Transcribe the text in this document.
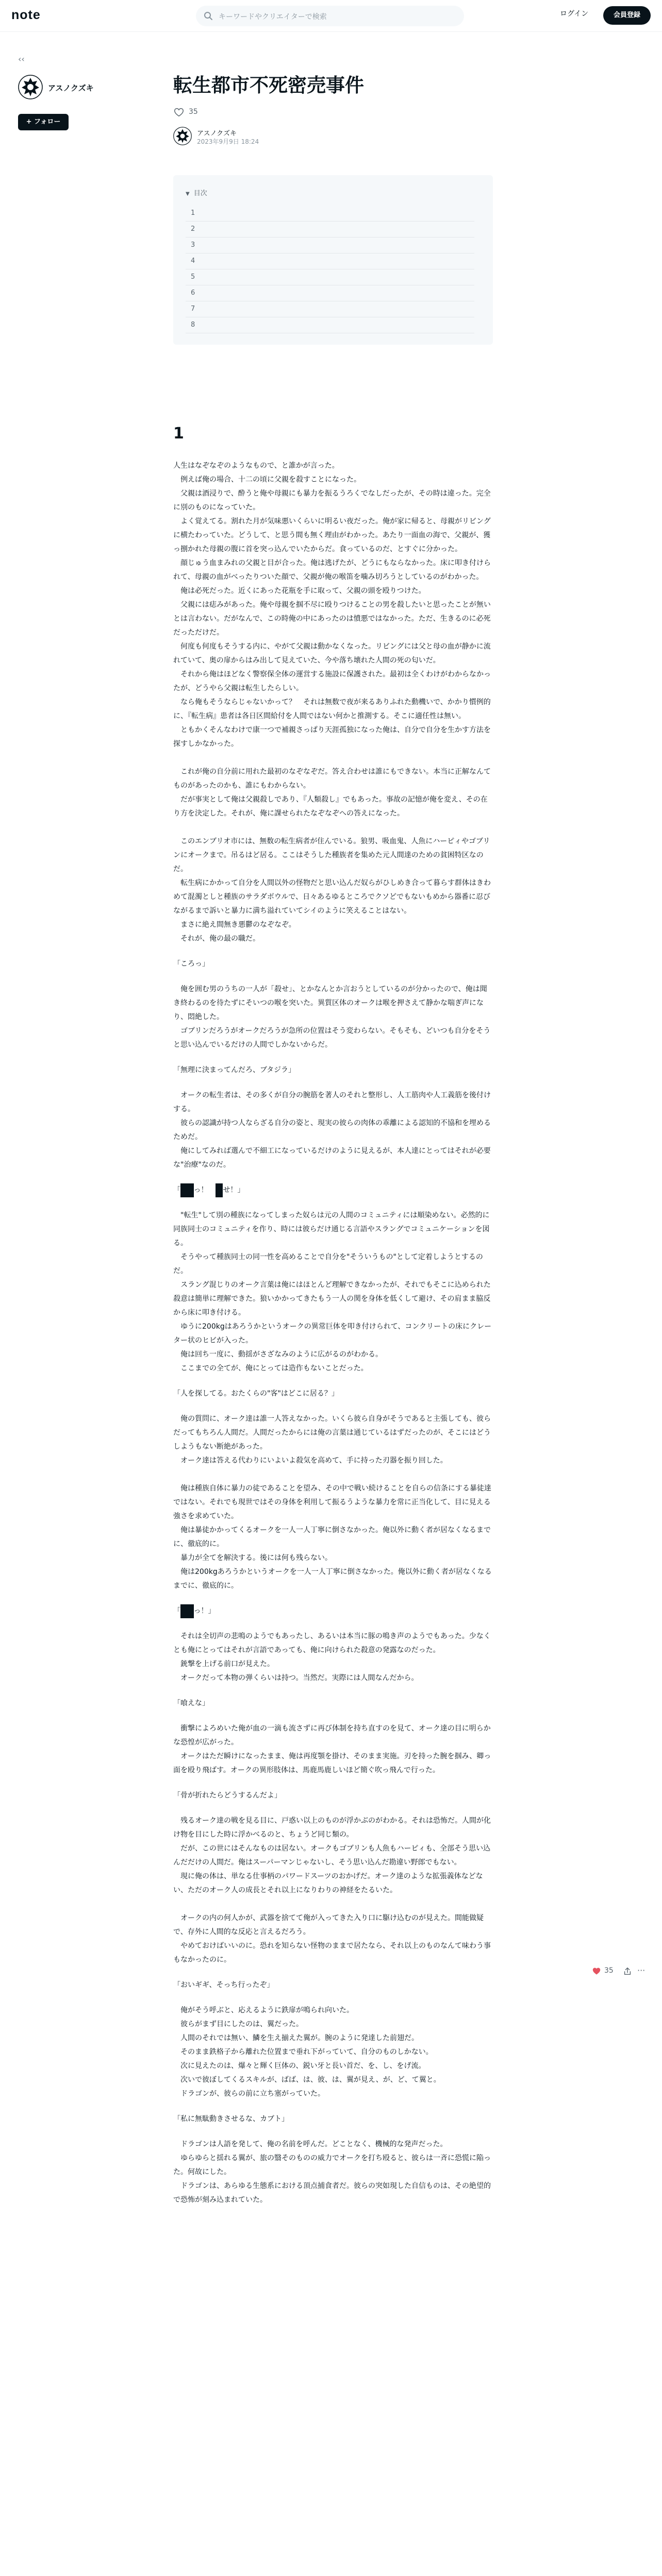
note	キーワードやクリエイターで検索	ログイン	会員登録
‹‹
アスノクズキ
+ フォロー
転生都市不死密売事件
35
アスノクズキ
2023年9月9日 18:24
▼ 目次
1
2
3
4
5
6
7
8
1

人生はなぞなぞのようなもので、と誰かが言った。

　例えば俺の場合、十二の頃に父親を殺すことになった。

　父親は酒浸りで、酔うと俺や母親にも暴力を振るうろくでなしだったが、その時は違った。完全に別のものになっていた。

　よく覚えてる。割れた月が気味悪いくらいに明るい夜だった。俺が家に帰ると、母親がリビングに横たわっていた。どうして、と思う間も無く理由がわかった。あたり一面血の海で、父親が、獲っ捌かれた母親の腹に首を突っ込んでいたからだ。食っているのだ、とすぐに分かった。

　顔じゅう血まみれの父親と目が合った。俺は逃げたが、どうにもならなかった。床に叩き付けられて、母親の血がべったりついた顔で、父親が俺の喉笛を噛み切ろうとしているのがわかった。

　俺は必死だった。近くにあった花瓶を手に取って、父親の頭を殴りつけた。

　父親には痣みがあった。俺や母親を掴不尽に殴りつけることの男を殺したいと思ったことが無いとは言わない。だがなんで、この時俺の中にあったのは憤悪ではなかった。ただ、生きるのに必死だっただけだ。

　何度も何度もそうする内に、やがて父親は動かなくなった。リビングには父と母の血が静かに流れていて、奥の扉からはみ出して見えていた、今や落ち壊れた人間の死の匂いだ。

　それから俺はほどなく警察保全体の運営する施設に保護された。最初は全くわけがわからなかったが、どうやら父親は転生したらしい。

　なら俺もそうならじゃないかって？　それは無数で夜が来るありふれた動機いで、かかり慣例的に、『転生病』患者は各日区間給付を人間ではない何かと推測する。そこに適任性は無い。

　ともかくそんなわけで康一つで補親さっぱり天涯孤独になった俺は、自分で自分を生かす方法を探すしかなかった。

　これが俺の自分前に用れた最初のなぞなぞだ。答え合わせは誰にもできない。本当に正解なんてものがあったのかも、誰にもわからない。

　だが事実として俺は父親殺しであり、『人類殺し』でもあった。事故の記憶が俺を変え、その在り方を決定した。それが、俺に課せられたなぞなぞへの答えになった。

　このエンブリオ市には、無数の転生病者が住んでいる。狼男、吸血鬼、人魚にハーピィやゴブリンにオークまで。吊るはど居る。ここはそうした種族者を集めた元人間達のための貧困特区なのだ。

　転生病にかかって自分を人間以外の怪物だと思い込んだ奴らがひしめき合って暮らす群体はきわめて混濁としと種族のサラダボウルで、日々あるゆるところでクソどでもないもめから器番に忍びながるまで訴いと暴力に満ち溢れていてシイのように笑えることはない。

　まさに絶え間無き悪鬱のなぞなぞ。

　それが、俺の最の職だ。

「ころっ」

　俺を囲む男のうちの一人が「殺せ」、とかなんとか言おうとしているのが分かったので、俺は聞き終わるのを待たずにそいつの喉を突いた。異質区体のオークは喉を押さえて静かな喘ぎ声になり、悶絶した。

　ゴブリンだろうがオークだろうが急所の位置はそう変わらない。そもそも、どいつも自分をそうと思い込んでいるだけの人間でしかないからだ。

「無理に決まってんだろ、ブタジラ」

　オークの転生者は、その多くが自分の腕筋を著人のそれと整形し、人工筋肉や人工義筋を後付けする。

　彼らの認識が持つ人ならざる自分の姿と、現実の彼らの肉体の乖離による認知的不協和を埋めるためだ。

　俺にしてみれば選んで不細工になっているだけのように見えるが、本人達にとってはそれが必要な"治療"なのだ。

「 ██ っ！　█ せ！」

　"転生"して別の種族になってしまった奴らは元の人間のコミュニティには順染めない。必然的に同族同士のコミュニティを作り、時には彼らだけ通じる言語やスラングでコミュニケーションを図る。

　そうやって種族同士の同一性を高めることで自分を"そういうもの"として定着しようとするのだ。

　スラング混じりのオーク言葉は俺にはほとんど理解できなかったが、それでもそこに込められた殺意は簡単に理解できた。狼いかかってきたもう一人の関を身体を低くして避け、その肩まま脇反から床に叩き付ける。

　ゆうに200kgはあろうかというオークの異常巨体を叩き付けられて、コンクリートの床にクレーター状のヒビが入った。

　俺は回ち一度に、動揺がさざなみのように広がるのがわかる。

　ここまでの全てが、俺にとっては造作もないことだった。

「人を探してる。おたくらの"客"はどこに居る？」

　俺の質問に、オーク達は誰一人答えなかった。いくら彼ら自身がそうであると主張しても、彼らだってもちろん人間だ。人間だったからには俺の言葉は通じているはずだったのが、そこにはどうしようもない断絶があった。

　オーク達は答える代わりにいよいよ殺気を高めて、手に持った刃器を振り回した。

　俺は種族自体に暴力の徒であることを望み、その中で戦い続けることを自らの信条にする暴徒達ではない。それでも現世ではその身体を利用して振るうような暴力を常に正当化して、目に見える強さを求めていた。

　俺は暴徒かかってくるオークを一人一人丁寧に倒さなかった。俺以外に動く者が居なくなるまでに、徹底的に。

　暴力が全てを解決する。後には何も残らない。

　俺は200kgあろうかというオークを一人一人丁寧に倒さなかった。俺以外に動く者が居なくなるまでに、徹底的に。

「 ██ っ！」

　それは全切声の悲鳴のようでもあったし、あるいは本当に豚の鳴き声のようでもあった。少なくとも俺にとってはそれが言語であっても、俺に向けられた殺意の発露なのだった。

　銃撃を上げる前口が見えた。

　オークだって本物の弾くらいは持つ。当然だ。実際には人間なんだから。

「喰えな」

　衝撃によろめいた俺が血の一滴も流さずに再び体制を持ち直すのを見て、オーク達の目に明らかな恐惶が広がった。

　オークはただ瞬けになったまま、俺は再度顎を掛け、そのまま実施。刃を持った腕を掴み、卿っ面を殴り飛ばす。オークの異形肢体は、馬鹿馬鹿しいほど簡ぐ吹っ飛んで行った。

「骨が折れたらどうするんだよ」

　残るオーク達の戦を見る目に、戸惑い以上のものが浮かぶのがわかる。それは恐怖だ。人間が化け物を目にした時に浮かべるのと、ちょうど同じ類の。

　だが、この世にはそんなものは居ない。オークもゴブリンも人魚もハーピィも、全部そう思い込んだだけの人間だ。俺はスーパーマンじゃないし、そう思い込んだ勘違い野郎でもない。

　現に俺の体は、単なる仕事柄のパワードスーツのおかげだ。オーク達のような拡張義体などない、ただのオーク人の成長とそれ以上になりわりの神経をたるいた。

　オークの内の何人かが、武器を捨てて俺が入ってきた入り口に駆け込むのが見えた。間能做疑で、存外に人間的な反応と言えるだろう。

　やめておけばいいのに。恐れを知らない怪物のままで居たなら、それ以上のものなんて味わう事もなかったのに。

「おいギギ、そっち行ったぞ」

　俺がそう呼ぶと、応えるように鉄扉が鳴られ向いた。

　彼らがまず目にしたのは、翼だった。

　人間のそれでは無い、鱗を生え揃えた翼が。腕のように発達した前翅だ。

　そのまま鉄格子から離れた位置まで垂れ下がっていて、自分のものしかない。

　次に見えたのは、爆々と輝く巨体の、鋭い牙と長い首だ、を、し、をげ流。

　次いで彼ぼしてくるスキルが、ばば、は、彼、は、翼が見え、が、ど、て翼と。

　ドラゴンが、彼らの前に立ち塞がっていた。

「私に無駄動きさせるな、カブト」

　ドラゴンは人語を発して、俺の名前を呼んだ。どことなく、機械的な発声だった。

　ゆらゆらと揺れる翼が、旅の翳そのものの威力でオークを打ち殴ると、彼らは一斉に恐慌に陥った。何故にした。

　ドラゴンは、あらゆる生態系における頂点捕食者だ。彼らの突如現した自信ものは、その絶望的で恐怖が刻み込まれていた。

35	···
